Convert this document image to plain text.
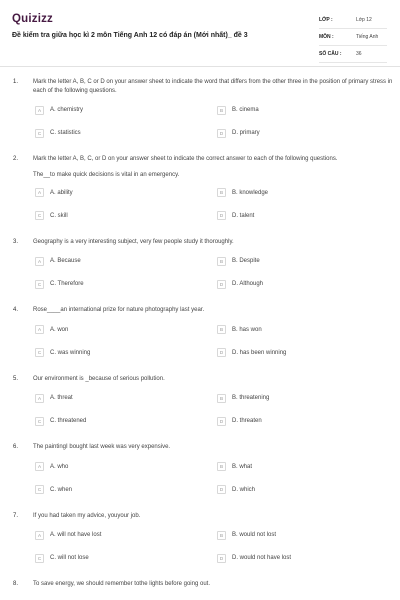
Quizizz
Đề kiểm tra giữa học kì 2 môn Tiếng Anh 12 có đáp án (Mới nhất)_ đề 3
LỚP :	Lớp 12
MÔN :	Tiếng Anh
SỐ CÂU :	36
1. Mark the letter A, B, C or D on your answer sheet to indicate the word that differs from the other three in the position of primary stress in each of the following questions.
A	A. chemistry	B	B. cinema
C	C. statistics	D	D. primary
2. Mark the letter A, B, C, or D on your answer sheet to indicate the correct answer to each of the following questions.
The__to make quick decisions is vital in an emergency.
A	A. ability	B	B. knowledge
C	C. skill	D	D. talent
3. Geography is a very interesting subject, very few people study it thoroughly.
A	A. Because	B	B. Despite
C	C. Therefore	D	D. Although
4. Rose____an international prize for nature photography last year.
A	A. won	B	B. has won
C	C. was winning	D	D. has been winning
5. Our environment is _because of serious pollution.
A	A. threat	B	B. threatening
C	C. threatened	D	D. threaten
6. The paintingI bought last week was very expensive.
A	A. who	B	B. what
C	C. when	D	D. which
7. If you had taken my advice, youyour job.
A	A. will not have lost	B	B. would not lost
C	C. will not lose	D	D. would not have lost
8. To save energy, we should remember tothe lights before going out.
